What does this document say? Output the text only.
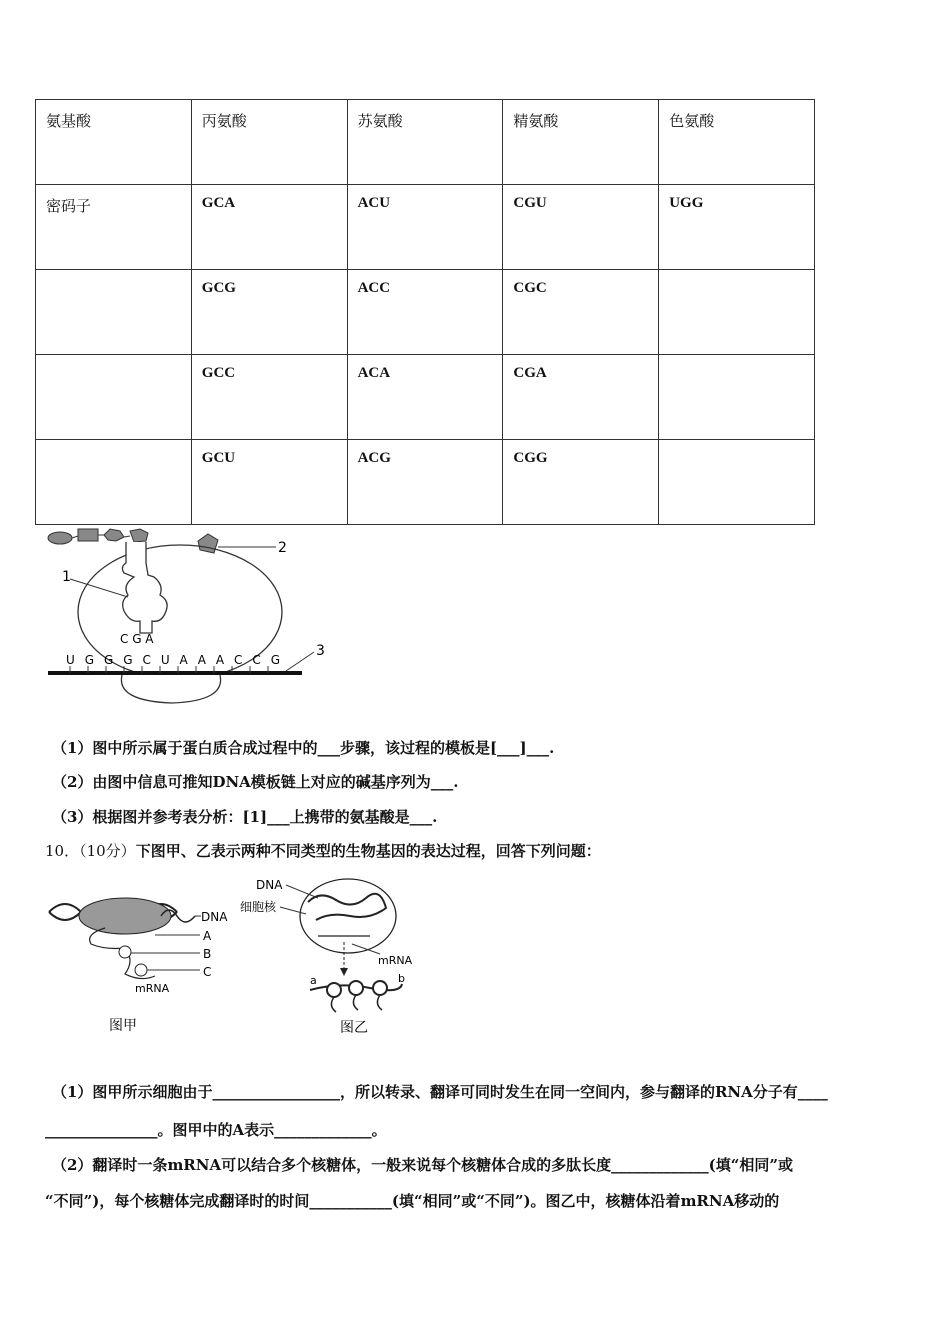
氨基酸	丙氨酸	苏氨酸	精氨酸	色氨酸
密码子	GCA	ACU	CGU	UGG
	GCG	ACC	CGC	
	GCC	ACA	CGA	
	GCU	ACG	CGG	
2
1
C G A
U G G G C U A A A C C G
3
（1）图中所示属于蛋白质合成过程中的___步骤，该过程的模板是[___]___.
（2）由图中信息可推知DNA模板链上对应的碱基序列为___.
（3）根据图并参考表分析：[1]___上携带的氨基酸是___.
10．（10分）下图甲、乙表示两种不同类型的生物基因的表达过程，回答下列问题：
DNA
A
B
C
mRNA
图甲
DNA
细胞核
mRNA
a	b
图乙
（1）图甲所示细胞由于_________________，所以转录、翻译可同时发生在同一空间内，参与翻译的RNA分子有____
_______________。图甲中的A表示_____________。
（2）翻译时一条mRNA可以结合多个核糖体，一般来说每个核糖体合成的多肽长度_____________(填“相同”或
“不同”)，每个核糖体完成翻译时的时间___________(填“相同”或“不同”)。图乙中，核糖体沿着mRNA移动的
